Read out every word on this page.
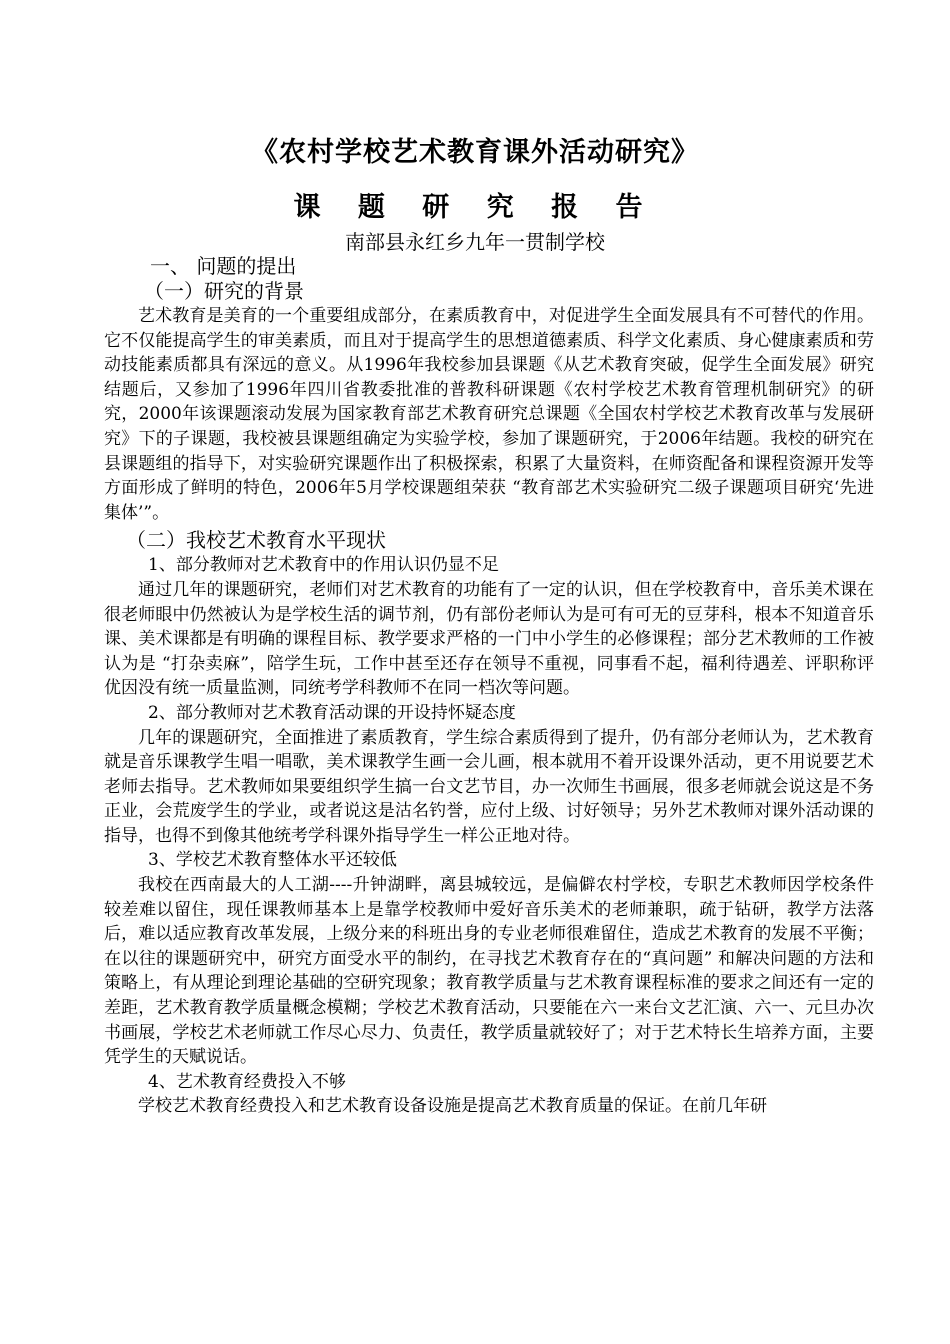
《农村学校艺术教育课外活动研究》
课 题 研 究 报 告
南部县永红乡九年一贯制学校

一、 问题的提出

（一）研究的背景

艺术教育是美育的一个重要组成部分，在素质教育中，对促进学生全面发展具有不可替代的作用。它不仅能提高学生的审美素质，而且对于提高学生的思想道德素质、科学文化素质、身心健康素质和劳动技能素质都具有深远的意义。从1996年我校参加县课题《从艺术教育突破，促学生全面发展》研究结题后，又参加了1996年四川省教委批准的普教科研课题《农村学校艺术教育管理机制研究》的研究，2000年该课题滚动发展为国家教育部艺术教育研究总课题《全国农村学校艺术教育改革与发展研究》下的子课题，我校被县课题组确定为实验学校，参加了课题研究，于2006年结题。我校的研究在县课题组的指导下，对实验研究课题作出了积极探索，积累了大量资料，在师资配备和课程资源开发等方面形成了鲜明的特色，2006年5月学校课题组荣获 “教育部艺术实验研究二级子课题项目研究‘先进集体’”。

（二）我校艺术教育水平现状

1、部分教师对艺术教育中的作用认识仍显不足

通过几年的课题研究，老师们对艺术教育的功能有了一定的认识，但在学校教育中，音乐美术课在很老师眼中仍然被认为是学校生活的调节剂，仍有部份老师认为是可有可无的豆芽科，根本不知道音乐课、美术课都是有明确的课程目标、教学要求严格的一门中小学生的必修课程；部分艺术教师的工作被认为是 “打杂卖麻”，陪学生玩，工作中甚至还存在领导不重视，同事看不起，福利待遇差、评职称评优因没有统一质量监测，同统考学科教师不在同一档次等问题。

2、部分教师对艺术教育活动课的开设持怀疑态度

几年的课题研究，全面推进了素质教育，学生综合素质得到了提升，仍有部分老师认为，艺术教育就是音乐课教学生唱一唱歌，美术课教学生画一会儿画，根本就用不着开设课外活动，更不用说要艺术老师去指导。艺术教师如果要组织学生搞一台文艺节目，办一次师生书画展，很多老师就会说这是不务正业，会荒废学生的学业，或者说这是沽名钓誉，应付上级、讨好领导；另外艺术教师对课外活动课的指导，也得不到像其他统考学科课外指导学生一样公正地对待。

3、学校艺术教育整体水平还较低

我校在西南最大的人工湖----升钟湖畔，离县城较远，是偏僻农村学校，专职艺术教师因学校条件较差难以留住，现任课教师基本上是靠学校教师中爱好音乐美术的老师兼职，疏于钻研，教学方法落后，难以适应教育改革发展，上级分来的科班出身的专业老师很难留住，造成艺术教育的发展不平衡；在以往的课题研究中，研究方面受水平的制约，在寻找艺术教育存在的“真问题” 和解决问题的方法和策略上，有从理论到理论基础的空研究现象；教育教学质量与艺术教育课程标准的要求之间还有一定的差距，艺术教育教学质量概念模糊；学校艺术教育活动，只要能在六一来台文艺汇演、六一、元旦办次书画展，学校艺术老师就工作尽心尽力、负责任，教学质量就较好了；对于艺术特长生培养方面，主要凭学生的天赋说话。

4、艺术教育经费投入不够

学校艺术教育经费投入和艺术教育设备设施是提高艺术教育质量的保证。在前几年研
